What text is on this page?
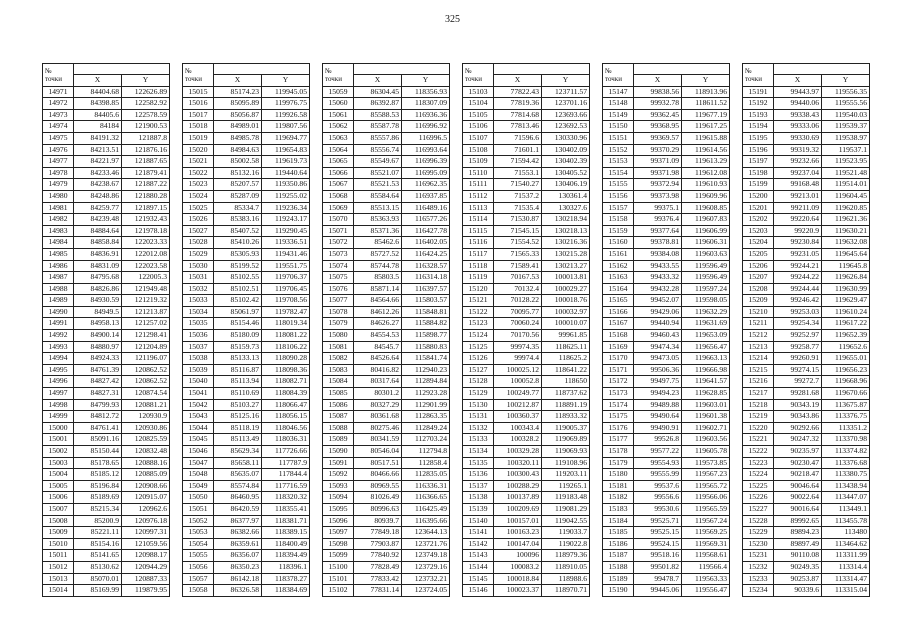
325
№
точки		

	X	Y
14971	84404.68	122626.89
14972	84398.85	122582.92
14973	84405.6	122578.59
14974	84184	121900.53
14975	84191.32	121887.8
14976	84213.51	121876.16
14977	84221.97	121887.65
14978	84233.46	121879.41
14979	84238.67	121887.22
14980	84248.86	121880.28
14981	84259.77	121897.15
14982	84239.48	121932.43
14983	84884.64	121978.18
14984	84858.84	122023.33
14985	84836.91	122012.08
14986	84831.09	122023.58
14987	84795.68	122005.3
14988	84826.86	121949.48
14989	84930.59	121219.32
14990	84949.5	121213.87
14991	84958.13	121257.02
14992	84900.14	121298.41
14993	84880.97	121204.89
14994	84924.33	121196.07
14995	84761.39	120862.52
14996	84827.42	120862.52
14997	84827.31	120874.54
14998	84799.93	120881.21
14999	84812.72	120930.9
15000	84761.41	120930.86
15001	85091.16	120825.59
15002	85150.44	120832.48
15003	85178.65	120888.16
15004	85185.12	120885.09
15005	85196.84	120908.66
15006	85189.69	120915.07
15007	85215.34	120962.6
15008	85200.9	120976.18
15009	85221.11	120997.31
15010	85154.16	121059.56
15011	85141.65	120988.17
15012	85130.62	120944.29
15013	85070.01	120887.33
15014	85169.99	119879.95
№
точки		

	X	Y
15015	85174.23	119945.05
15016	85095.89	119976.75
15017	85056.87	119926.58
15018	84989.01	119807.56
15019	84985.78	119694.77
15020	84984.63	119654.83
15021	85002.58	119619.73
15022	85132.16	119440.64
15023	85207.57	119350.86
15024	85287.09	119255.02
15025	85334.7	119236.34
15026	85383.16	119243.17
15027	85407.52	119290.45
15028	85410.26	119336.51
15029	85305.93	119431.46
15030	85199.52	119551.75
15031	85102.55	119706.37
15032	85102.51	119706.45
15033	85102.42	119708.56
15034	85061.97	119782.47
15035	85154.46	118019.34
15036	85180.09	118081.22
15037	85159.73	118106.22
15038	85133.13	118090.28
15039	85116.87	118098.36
15040	85113.94	118082.71
15041	85110.69	118084.39
15042	85103.27	118066.47
15043	85125.16	118056.15
15044	85118.19	118046.56
15045	85113.49	118036.31
15046	85629.34	117726.66
15047	85658.11	117787.9
15048	85635.07	117844.4
15049	85574.84	117716.59
15050	86460.95	118320.32
15051	86420.59	118355.41
15052	86377.97	118381.71
15053	86382.66	118389.15
15054	86359.61	118400.49
15055	86356.07	118394.49
15056	86350.23	118396.1
15057	86142.18	118378.27
15058	86326.58	118384.69
№
точки		

	X	Y
15059	86304.45	118356.93
15060	86392.87	118307.09
15061	85588.53	116936.36
15062	85587.78	116996.92
15063	85557.86	116996.5
15064	85556.74	116993.64
15065	85549.67	116996.39
15066	85521.07	116995.09
15067	85521.53	116962.35
15068	85584.64	116937.85
15069	85513.15	116489.16
15070	85363.93	116577.26
15071	85371.36	116427.78
15072	85462.6	116402.05
15073	85727.52	116424.25
15074	85744.78	116328.57
15075	85803.5	116314.18
15076	85871.14	116397.57
15077	84564.66	115803.57
15078	84612.26	115848.81
15079	84626.27	115884.82
15080	84554.53	115898.77
15081	84545.7	115880.83
15082	84526.64	115841.74
15083	80416.82	112940.23
15084	80317.64	112894.84
15085	80301.2	112923.28
15086	80327.29	112901.99
15087	80361.68	112863.35
15088	80275.46	112849.24
15089	80341.59	112703.24
15090	80546.04	112794.8
15091	80517.51	112858.4
15092	80466.66	112835.05
15093	80969.55	116336.31
15094	81026.49	116366.65
15095	80996.63	116425.49
15096	80939.7	116395.66
15097	77849.18	123644.13
15098	77903.87	123721.76
15099	77840.92	123749.18
15100	77828.49	123729.16
15101	77833.42	123732.21
15102	77831.14	123724.05
№
точки		

	X	Y
15103	77822.43	123711.57
15104	77819.36	123701.16
15105	77814.68	123693.66
15106	77813.46	123692.53
15107	71596.6	130330.96
15108	71601.1	130402.09
15109	71594.42	130402.39
15110	71553.1	130405.52
15111	71540.27	130406.19
15112	71537.2	130361.4
15113	71535.4	130327.6
15114	71530.87	130218.94
15115	71545.15	130218.13
15116	71554.52	130216.36
15117	71565.33	130215.28
15118	71589.41	130213.27
15119	70167.53	100013.81
15120	70132.4	100029.27
15121	70128.22	100018.76
15122	70095.77	100032.97
15123	70060.24	100010.07
15124	70170.56	99961.85
15125	99974.35	118625.11
15126	99974.4	118625.2
15127	100025.12	118641.22
15128	100052.8	118650
15129	100249.77	118737.62
15130	100212.87	118891.19
15131	100360.37	118933.32
15132	100343.4	119005.37
15133	100328.2	119069.89
15134	100329.28	119069.93
15135	100320.11	119108.96
15136	100300.43	119203.11
15137	100288.29	119265.1
15138	100137.89	119183.48
15139	100209.69	119081.29
15140	100157.01	119042.55
15141	100163.23	119033.7
15142	100147.04	119022.8
15143	100096	118979.36
15144	100083.2	118910.05
15145	100018.84	118988.6
15146	100023.37	118970.71
№
точки		

	X	Y
15147	99838.56	118913.96
15148	99932.78	118611.52
15149	99362.45	119677.19
15150	99368.95	119617.25
15151	99369.57	119615.88
15152	99370.29	119614.56
15153	99371.09	119613.29
15154	99371.98	119612.08
15155	99372.94	119610.93
15156	99373.98	119609.96
15157	99375.1	119608.85
15158	99376.4	119607.83
15159	99377.64	119606.99
15160	99378.81	119606.31
15161	99384.08	119603.63
15162	99433.55	119596.49
15163	99433.32	119596.49
15164	99432.28	119597.24
15165	99452.07	119598.05
15166	99429.06	119632.29
15167	99440.94	119631.69
15168	99460.43	119653.09
15169	99474.34	119656.47
15170	99473.05	119663.13
15171	99506.36	119666.98
15172	99497.75	119641.57
15173	99494.23	119628.85
15174	99489.88	119603.01
15175	99490.64	119601.38
15176	99490.91	119602.71
15177	99526.8	119603.56
15178	99577.22	119605.78
15179	99554.93	119573.85
15180	99555.99	119567.23
15181	99537.6	119565.72
15182	99556.6	119566.06
15183	99530.6	119565.59
15184	99525.71	119567.24
15185	99525.15	119569.25
15186	99524.15	119569.31
15187	99518.16	119568.61
15188	99501.82	119566.4
15189	99478.7	119563.33
15190	99445.06	119556.47
№
точки		

	X	Y
15191	99443.97	119556.35
15192	99440.06	119555.56
15193	99338.43	119540.03
15194	99333.06	119539.37
15195	99330.69	119538.97
15196	99319.32	119537.1
15197	99232.66	119523.95
15198	99237.04	119521.48
15199	99168.48	119514.01
15200	99213.01	119604.45
15201	99211.09	119620.85
15202	99220.64	119621.36
15203	99220.9	119630.21
15204	99230.84	119632.08
15205	99231.05	119645.64
15206	99244.21	119645.8
15207	99244.22	119626.84
15208	99244.44	119630.99
15209	99246.42	119629.47
15210	99253.03	119610.24
15211	99254.34	119617.22
15212	99252.97	119652.39
15213	99258.77	119652.6
15214	99260.91	119655.01
15215	99274.15	119656.23
15216	99272.7	119668.96
15217	99281.68	119670.66
15218	90343.19	113675.87
15219	90343.86	113376.75
15220	90292.66	113351.2
15221	90247.32	113370.98
15222	90235.97	113374.82
15223	90230.47	113376.68
15224	90218.47	113380.75
15225	90046.64	113438.94
15226	90022.64	113447.07
15227	90016.64	113449.1
15228	89992.65	113455.78
15229	89894.23	113480
15230	89897.49	113464.62
15231	90110.08	113311.99
15232	90249.35	113314.4
15233	90253.87	113314.47
15234	90339.6	113315.04
